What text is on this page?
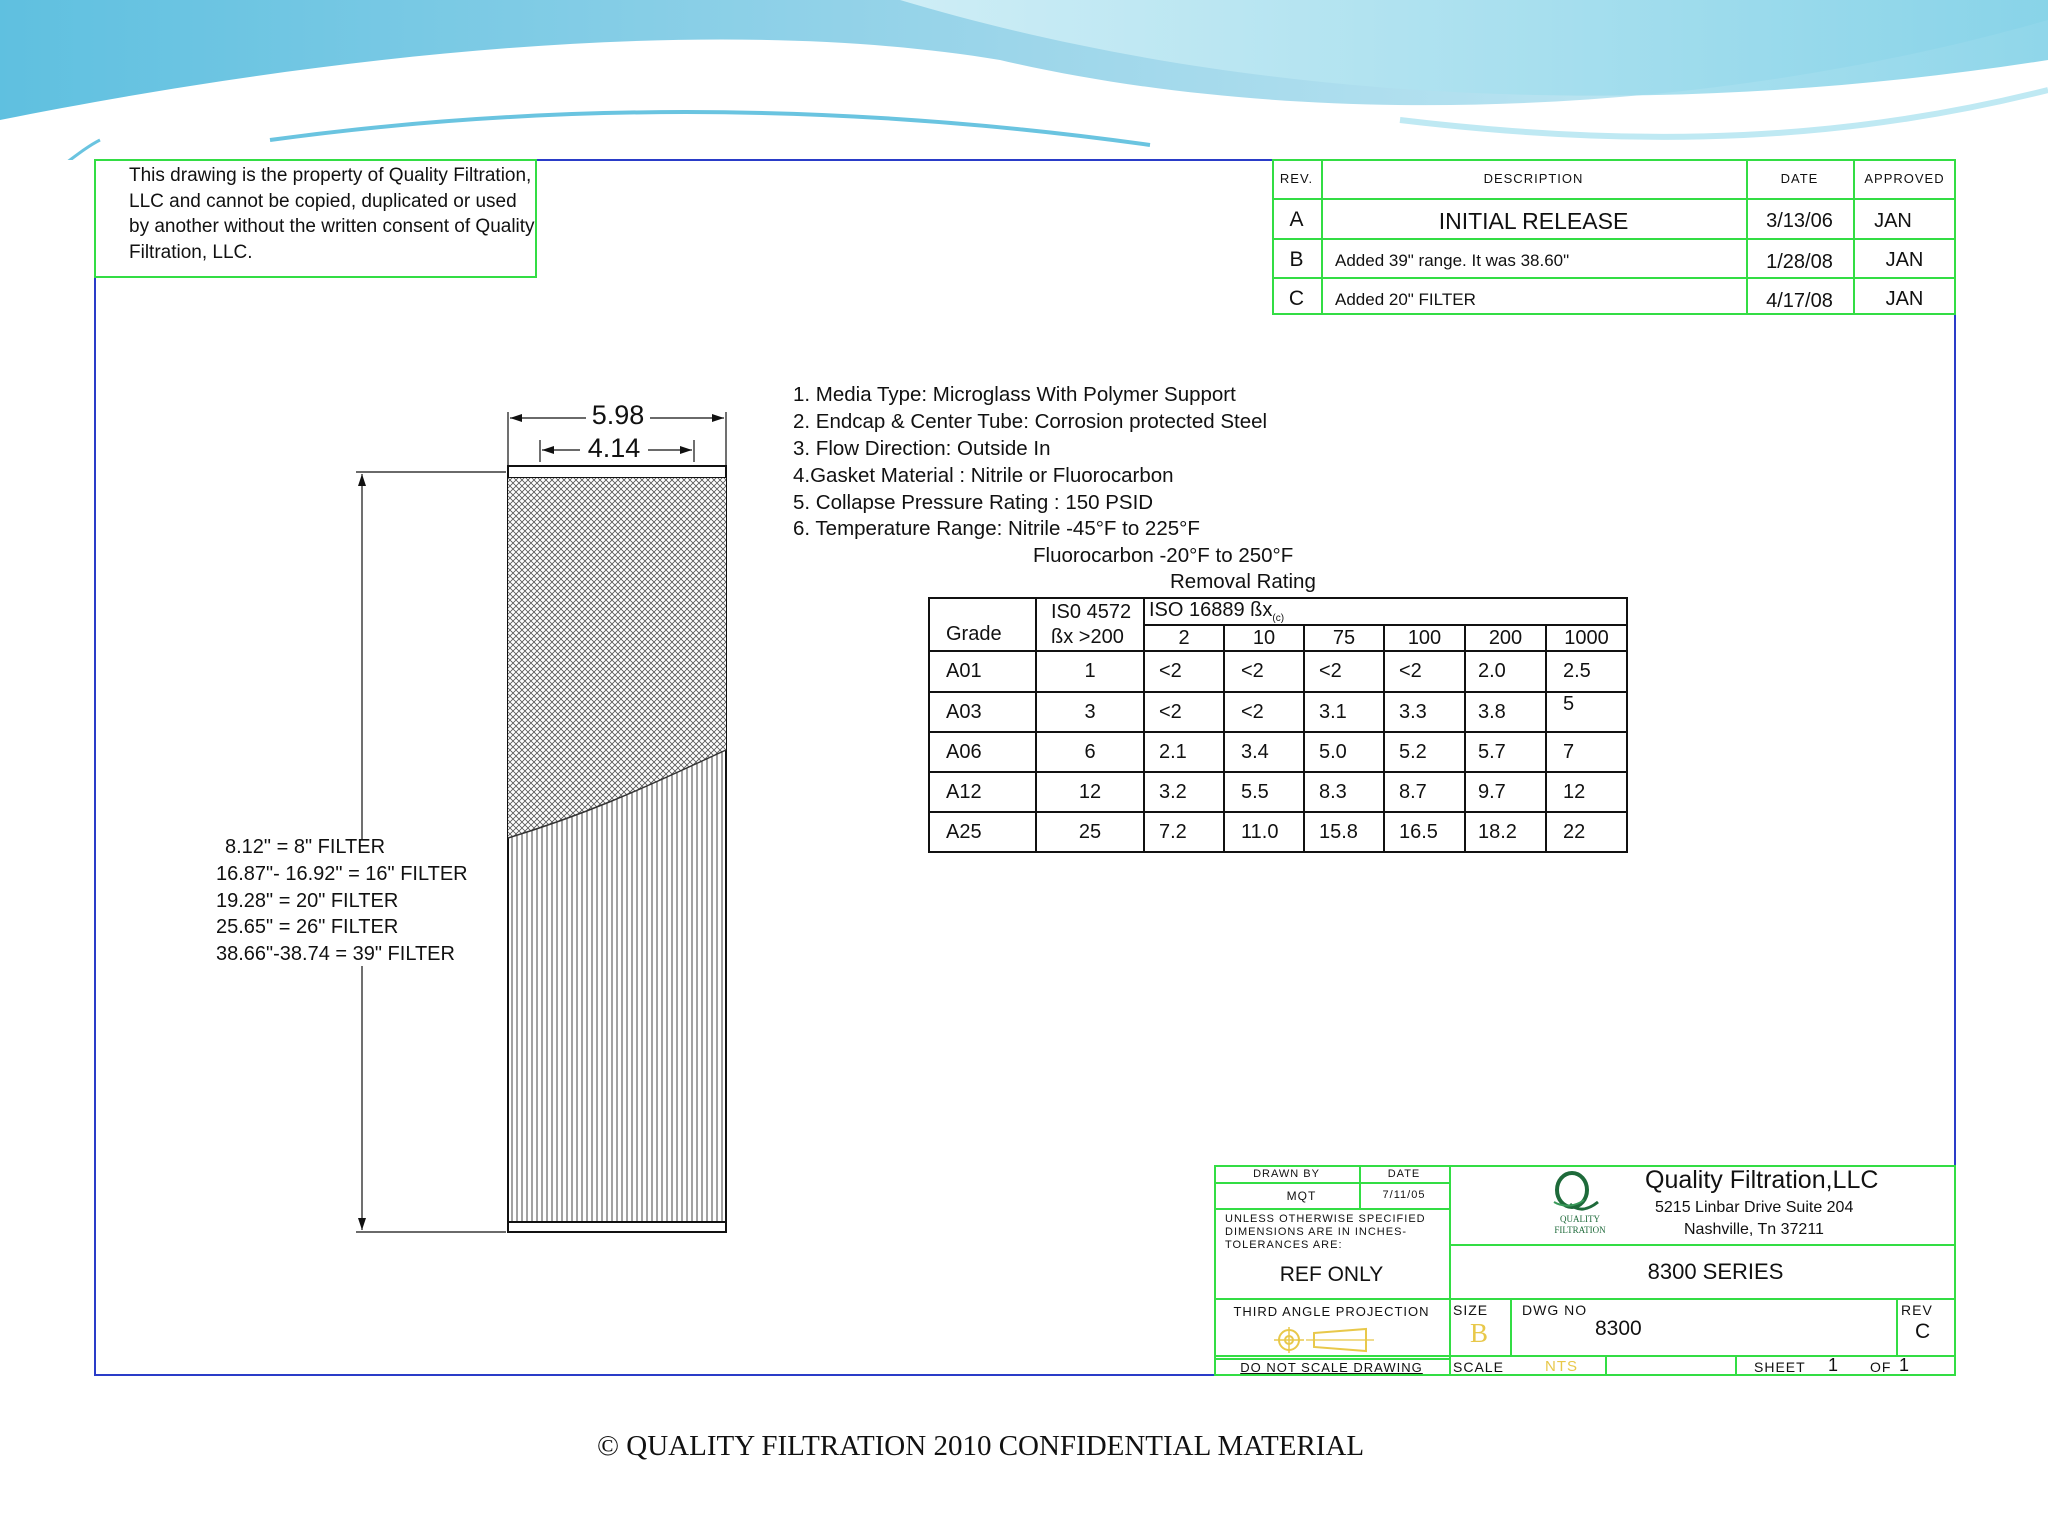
This drawing is the property of Quality Filtration, LLC and cannot be copied, duplicated or used by another without the written consent of Quality Filtration, LLC.
REV.	DESCRIPTION	DATE	APPROVED
A	INITIAL RELEASE	3/13/06	JAN
B	Added 39" range. It was 38.60"	1/28/08	JAN
C	Added 20" FILTER	4/17/08	JAN
5.98
4.14
8.12" = 8" FILTER
16.87"- 16.92" = 16" FILTER
19.28" = 20" FILTER
25.65" = 26" FILTER
38.66"-38.74 = 39" FILTER
1. Media Type: Microglass With Polymer Support
2. Endcap & Center Tube: Corrosion protected Steel
3. Flow Direction: Outside In
4.Gasket Material : Nitrile or Fluorocarbon
5. Collapse Pressure Rating : 150 PSID
6. Temperature Range: Nitrile -45°F to 225°F
Fluorocarbon -20°F to 250°F
Removal Rating
Grade	IS0 4572	ISO 16889 $ßx_{(c)}$
	ßx >200	2	10	75	100	200	1000
A01	1	<2	<2	<2	<2	2.0	2.5
A03	3	<2	<2	3.1	3.3	3.8	5
A06	6	2.1	3.4	5.0	5.2	5.7	7
A12	12	3.2	5.5	8.3	8.7	9.7	12
A25	25	7.2	11.0	15.8	16.5	18.2	22
DRAWN BY	DATE
MQT	7/11/05
UNLESS OTHERWISE SPECIFIED DIMENSIONS ARE IN INCHES- TOLERANCES ARE:
REF ONLY
QUALITY FILTRATION
Quality Filtration,LLC
5215 Linbar Drive Suite 204
Nashville, Tn 37211
8300 SERIES
THIRD ANGLE PROJECTION
DO NOT SCALE DRAWING
SIZE
B
DWG NO
8300
REV
C
SCALE	NTS	SHEET 1 OF 1
© QUALITY FILTRATION 2010 CONFIDENTIAL MATERIAL
